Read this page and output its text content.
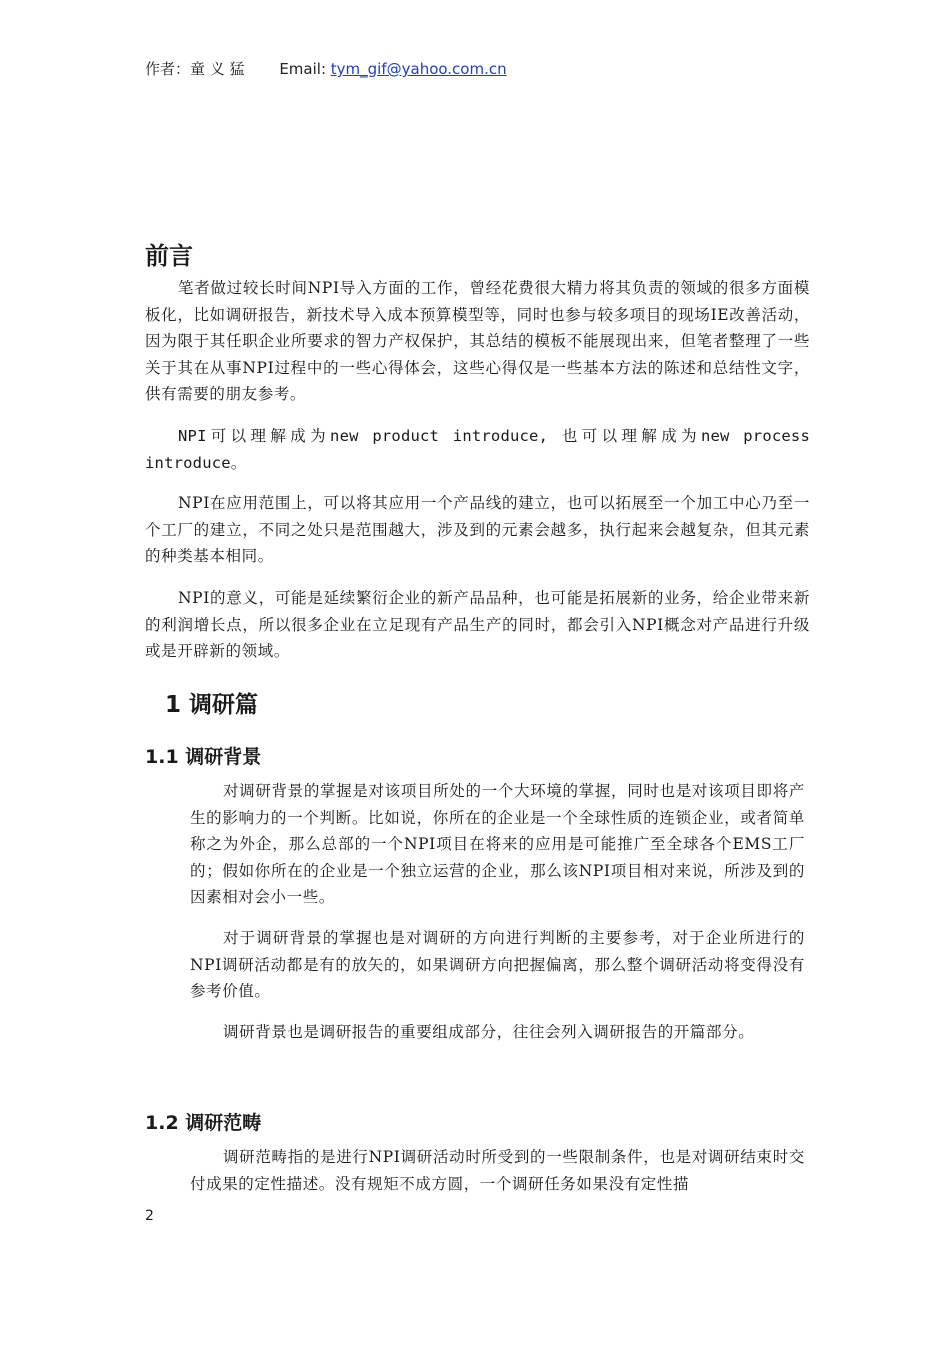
作者：童 义 猛 Email: tym_gif@yahoo.com.cn
前言

笔者做过较长时间NPI导入方面的工作，曾经花费很大精力将其负责的领域的很多方面模板化，比如调研报告，新技术导入成本预算模型等，同时也参与较多项目的现场IE改善活动，因为限于其任职企业所要求的智力产权保护，其总结的模板不能展现出来，但笔者整理了一些关于其在从事NPI过程中的一些心得体会，这些心得仅是一些基本方法的陈述和总结性文字，供有需要的朋友参考。

NPI可以理解成为new product introduce, 也可以理解成为new process introduce。

NPI在应用范围上，可以将其应用一个产品线的建立，也可以拓展至一个加工中心乃至一个工厂的建立，不同之处只是范围越大，涉及到的元素会越多，执行起来会越复杂，但其元素的种类基本相同。

NPI的意义，可能是延续繁衍企业的新产品品种，也可能是拓展新的业务，给企业带来新的利润增长点，所以很多企业在立足现有产品生产的同时，都会引入NPI概念对产品进行升级或是开辟新的领域。

1 调研篇
1.1 调研背景

对调研背景的掌握是对该项目所处的一个大环境的掌握，同时也是对该项目即将产生的影响力的一个判断。比如说，你所在的企业是一个全球性质的连锁企业，或者简单称之为外企，那么总部的一个NPI项目在将来的应用是可能推广至全球各个EMS工厂的；假如你所在的企业是一个独立运营的企业，那么该NPI项目相对来说，所涉及到的因素相对会小一些。

对于调研背景的掌握也是对调研的方向进行判断的主要参考，对于企业所进行的NPI调研活动都是有的放矢的，如果调研方向把握偏离，那么整个调研活动将变得没有参考价值。

调研背景也是调研报告的重要组成部分，往往会列入调研报告的开篇部分。

1.2 调研范畴

调研范畴指的是进行NPI调研活动时所受到的一些限制条件，也是对调研结束时交付成果的定性描述。没有规矩不成方圆，一个调研任务如果没有定性描

2
